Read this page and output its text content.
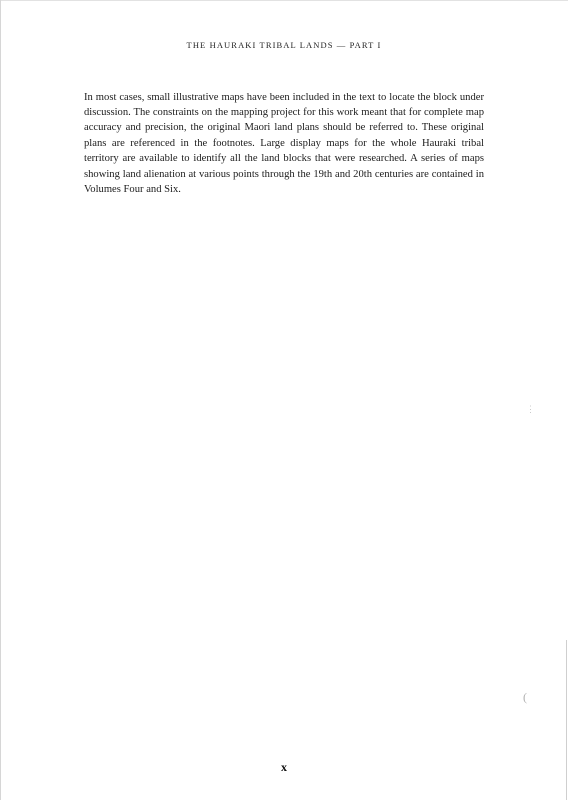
THE HAURAKI TRIBAL LANDS — PART I

In most cases, small illustrative maps have been included in the text to locate the block under discussion. The constraints on the mapping project for this work meant that for complete map accuracy and precision, the original Maori land plans should be referred to. These original plans are referenced in the footnotes. Large display maps for the whole Hauraki tribal territory are available to identify all the land blocks that were researched. A series of maps showing land alienation at various points through the 19th and 20th centuries are contained in Volumes Four and Six.

⋮
(
x
